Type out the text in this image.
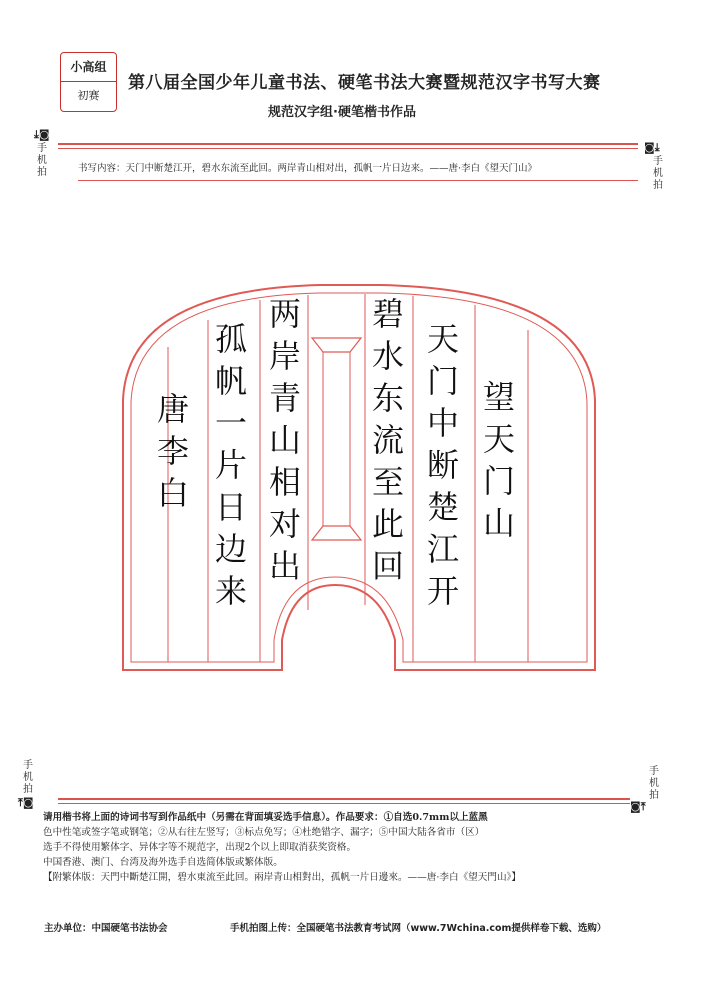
小高组
初赛
第八届全国少年儿童书法、硬笔书法大赛暨规范汉字书写大赛
规范汉字组·硬笔楷书作品
⤓◙
手机拍
◙⤓
手机拍
书写内容：天门中断楚江开，碧水东流至此回。两岸青山相对出，孤帆一片日边来。——唐·李白《望天门山》
望天门山
天门中断楚江开
碧水东流至此回
两岸青山相对出
孤帆一片日边来
唐 李白
手机拍
⤒◙
手机拍
◙⤒

请用楷书将上面的诗词书写到作品纸中（另需在背面填妥选手信息）。作品要求：①自选0.7mm以上蓝黑

色中性笔或签字笔或钢笔；②从右往左竖写；③标点免写；④杜绝错字、漏字；⑤中国大陆各省市（区）

选手不得使用繁体字、异体字等不规范字，出现2个以上即取消获奖资格。

中国香港、澳门、台湾及海外选手自选简体版或繁体版。

【附繁体版：天門中斷楚江開，碧水東流至此回。兩岸青山相對出，孤帆一片日邊來。——唐·李白《望天門山》】

主办单位：中国硬笔书法协会	手机拍图上传：全国硬笔书法教育考试网（www.7Wchina.com提供样卷下载、选购）
